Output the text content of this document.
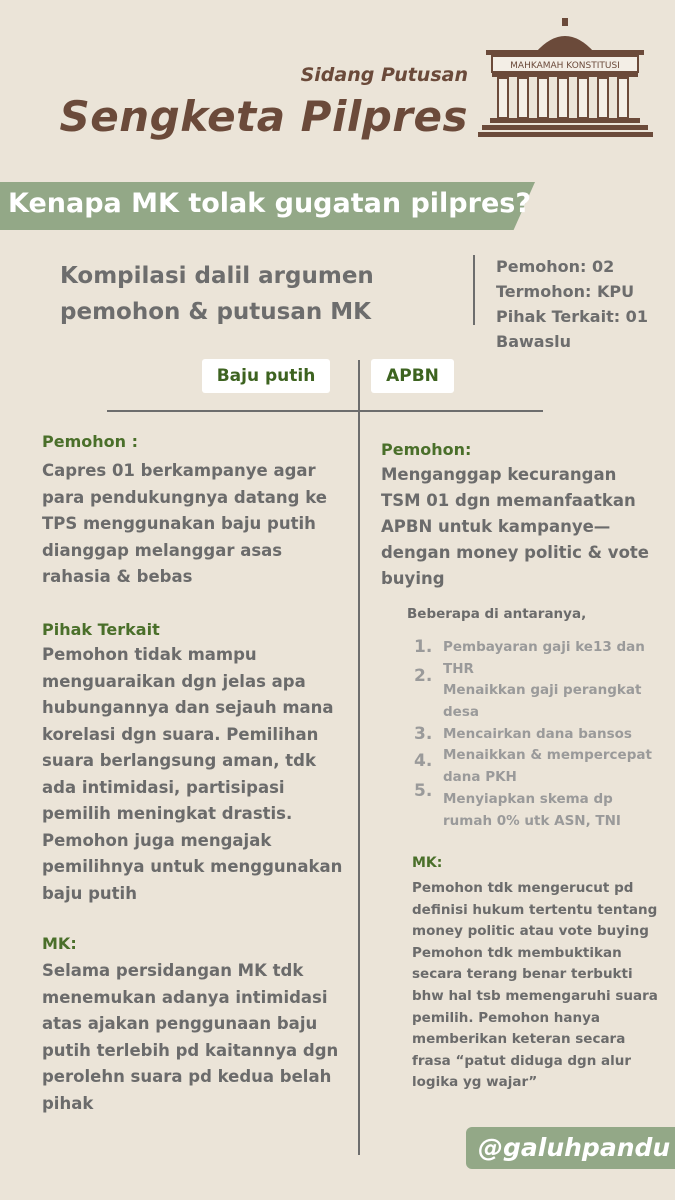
Sidang Putusan
Sengketa Pilpres
MAHKAMAH KONSTITUSI
Kenapa MK tolak gugatan pilpres?
Kompilasi dalil argumen pemohon & putusan MK
Pemohon: 02
Termohon: KPU
Pihak Terkait: 01
Bawaslu
Baju putih	APBN
Pemohon :
Capres 01 berkampanye agar para pendukungnya datang ke TPS menggunakan baju putih dianggap melanggar asas rahasia & bebas
Pihak Terkait
Pemohon tidak mampu menguaraikan dgn jelas apa hubungannya dan sejauh mana korelasi dgn suara. Pemilihan suara berlangsung aman, tdk ada intimidasi, partisipasi pemilih meningkat drastis. Pemohon juga mengajak pemilihnya untuk menggunakan baju putih
MK:
Selama persidangan MK tdk menemukan adanya intimidasi atas ajakan penggunaan baju putih terlebih pd kaitannya dgn perolehn suara pd kedua belah pihak
Pemohon:
Menganggap kecurangan TSM 01 dgn memanfaatkan APBN untuk kampanye—dengan money politic & vote buying
Beberapa di antaranya,
1. Pembayaran gaji ke13 dan THR
2.
Menaikkan gaji perangkat desa
3. Mencairkan dana bansos
4. Menaikkan & mempercepat dana PKH
5. Menyiapkan skema dp rumah 0% utk ASN, TNI
MK:
Pemohon tdk mengerucut pd definisi hukum tertentu tentang money politic atau vote buying Pemohon tdk membuktikan secara terang benar terbukti bhw hal tsb memengaruhi suara pemilih. Pemohon hanya memberikan keteran secara frasa “patut diduga dgn alur logika yg wajar”
@galuhpandu
